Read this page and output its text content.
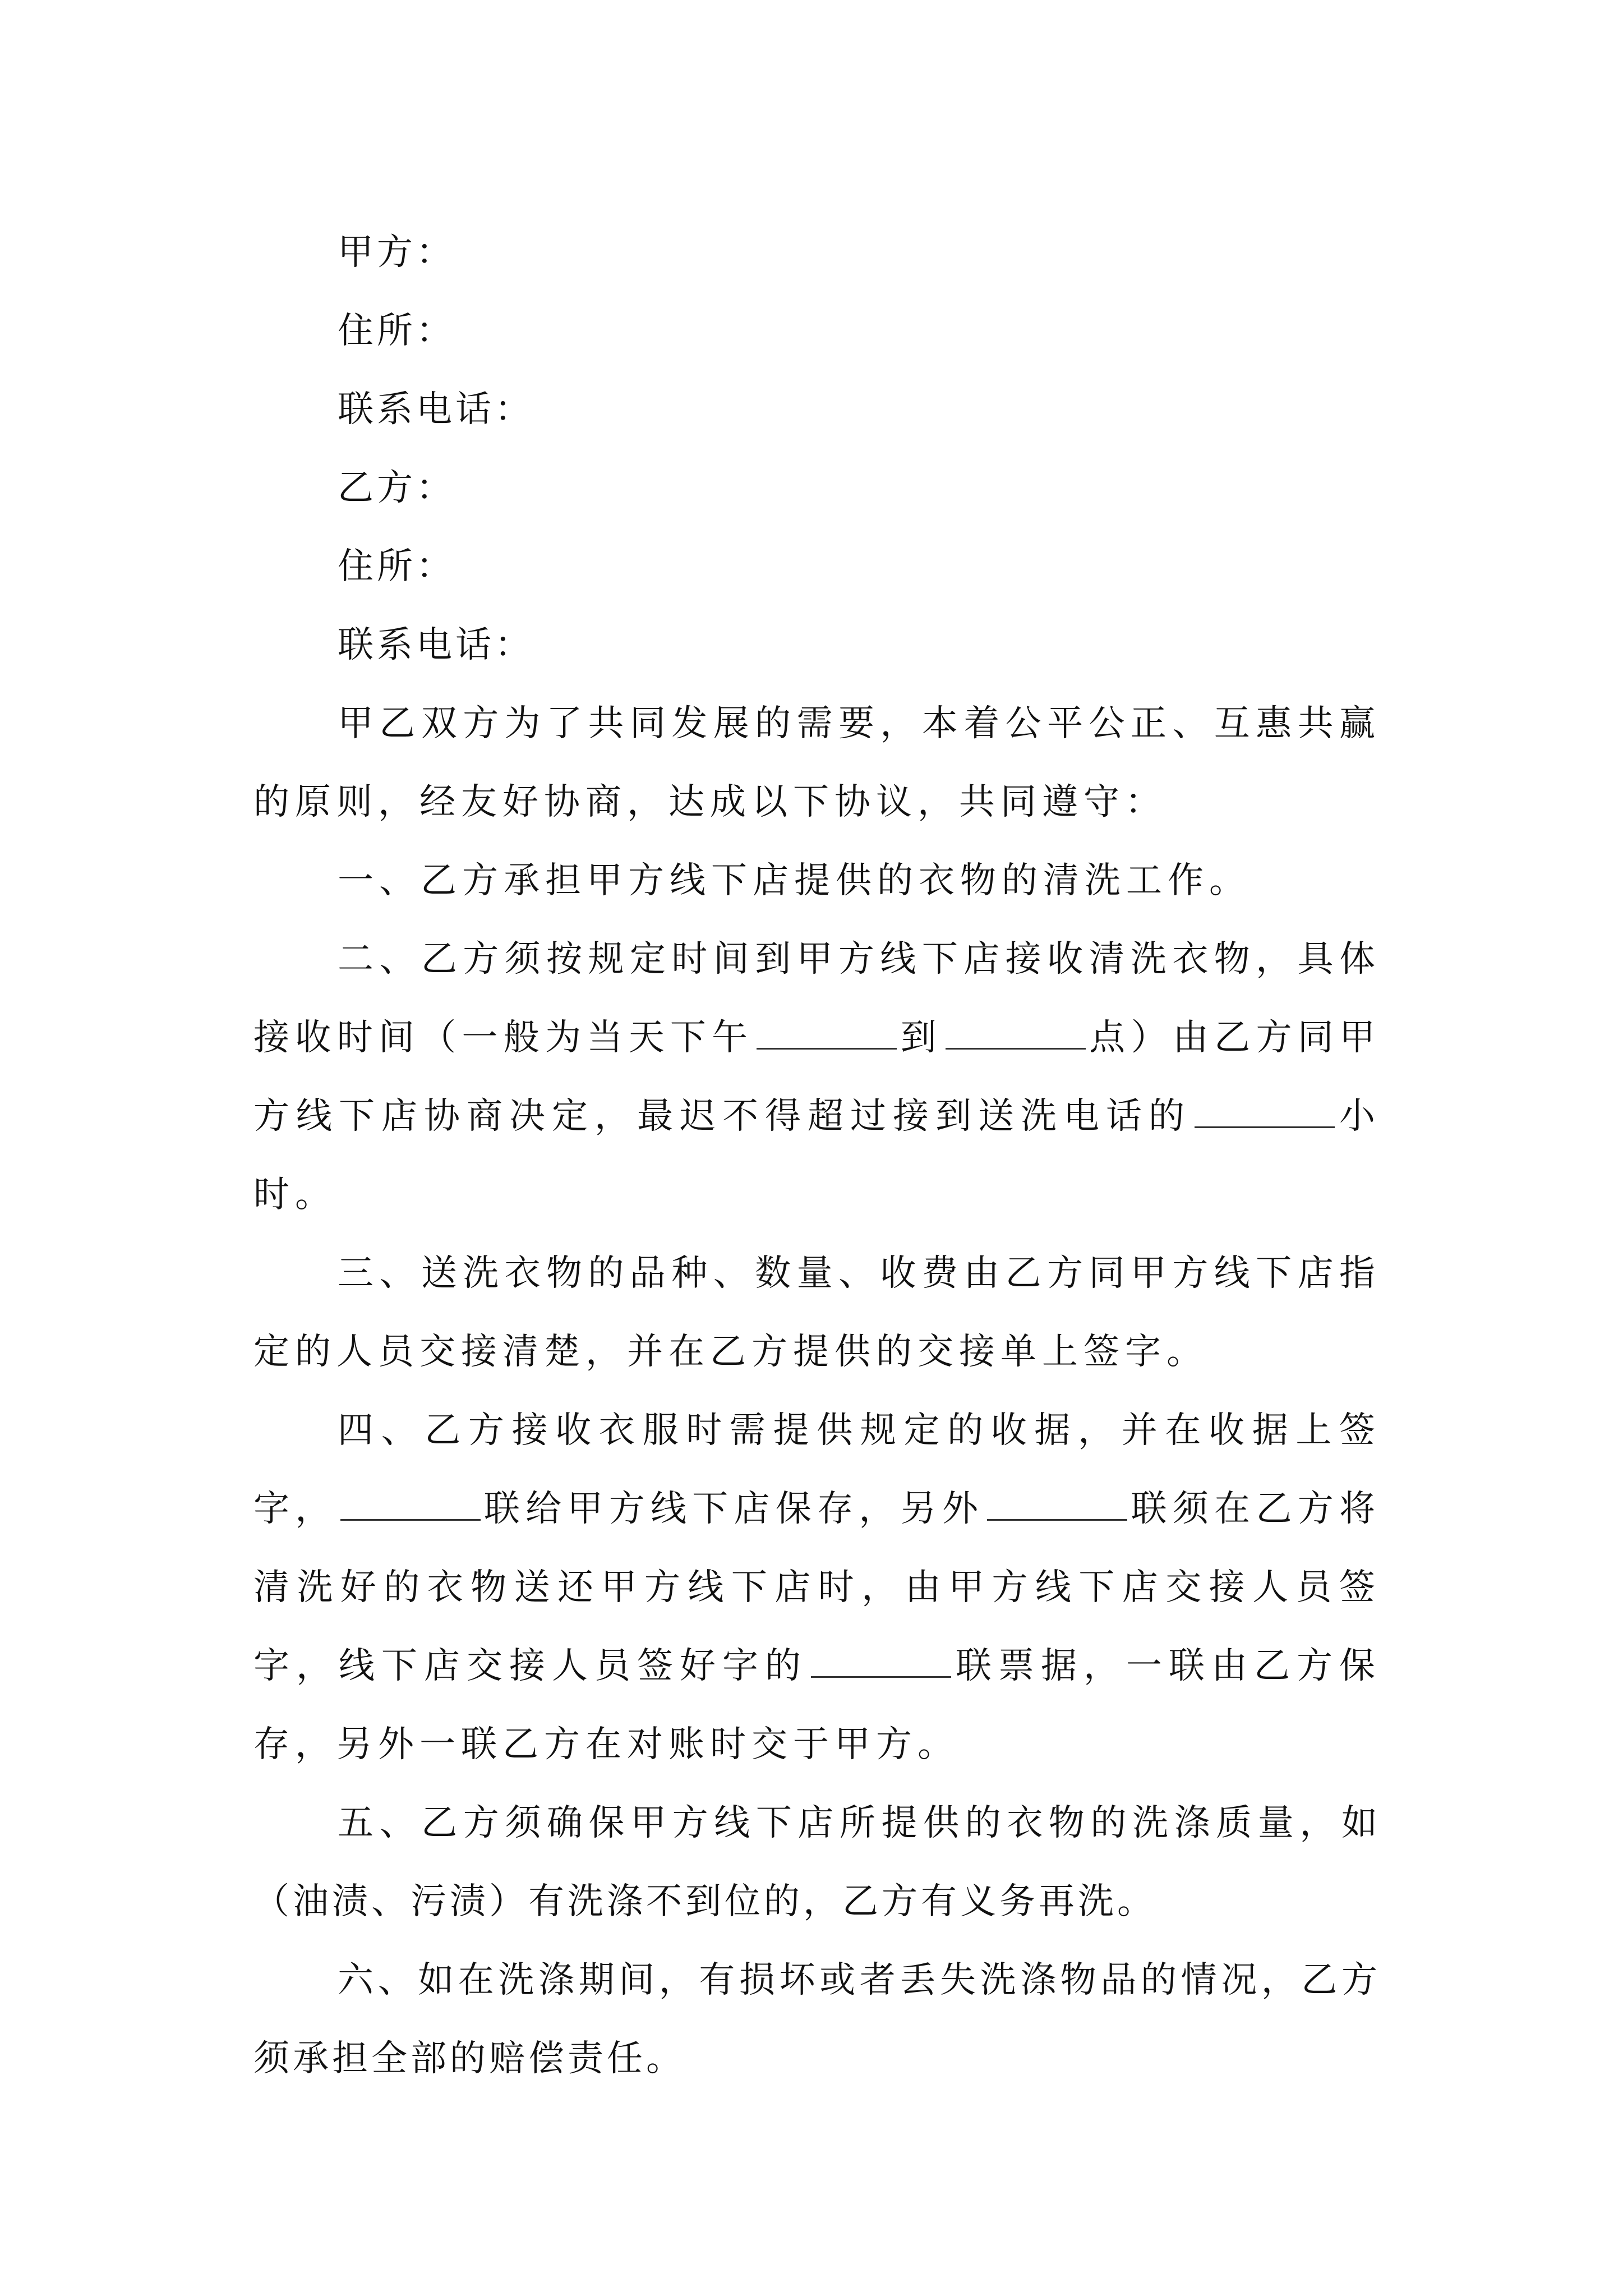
甲方：
住所：
联系电话：
乙方：
住所：
联系电话：

甲乙双方为了共同发展的需要，本着公平公正、互惠共赢的原则，经友好协商，达成以下协议，共同遵守：

一、乙方承担甲方线下店提供的衣物的清洗工作。

二、乙方须按规定时间到甲方线下店接收清洗衣物，具体接收时间（一般为当天下午	到	点）由乙方同甲方线下店协商决定，最迟不得超过接到送洗电话的	小时。

三、送洗衣物的品种、数量、收费由乙方同甲方线下店指定的人员交接清楚，并在乙方提供的交接单上签字。

四、乙方接收衣服时需提供规定的收据，并在收据上签字，	联给甲方线下店保存，另外	联须在乙方将清洗好的衣物送还甲方线下店时，由甲方线下店交接人员签字，线下店交接人员签好字的	联票据，一联由乙方保存，另外一联乙方在对账时交于甲方。

五、乙方须确保甲方线下店所提供的衣物的洗涤质量，如（油渍、污渍）有洗涤不到位的，乙方有义务再洗。

六、如在洗涤期间，有损坏或者丢失洗涤物品的情况，乙方须承担全部的赔偿责任。
